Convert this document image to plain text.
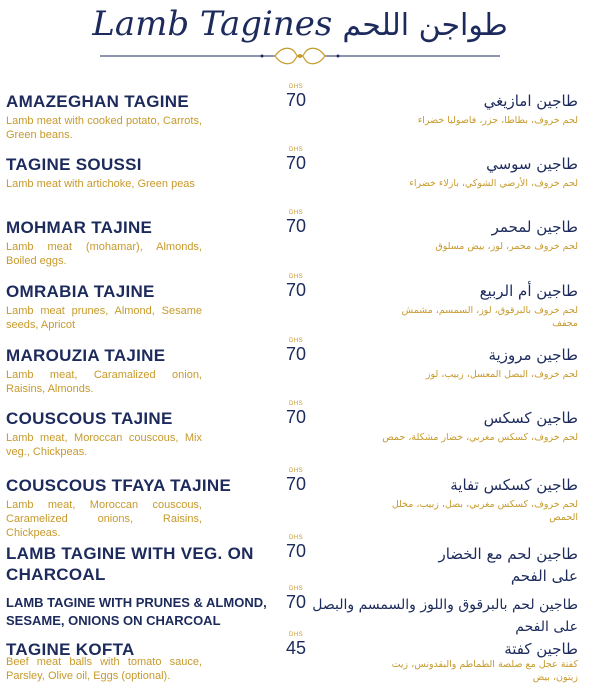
Lamb Tagines طواجن اللحم
AMAZEGHAN TAGINE
Lamb meat with cooked potato, Carrots, Green beans.
DHS
70	طاجين امازيغي
لحم خروف، بطاطا، جزر، فاصوليا خضراء
TAGINE SOUSSI
Lamb meat with artichoke, Green peas
DHS
70	طاجين سوسي
لحم خروف، الأرضي الشوكي، بازلاء خضراء
MOHMAR TAJINE
Lamb meat (mohamar), Almonds, Boiled eggs.
DHS
70	طاجين لمحمر
لحم خروف محمر، لوز، بيض مسلوق
OMRABIA TAJINE
Lamb meat prunes, Almond, Sesame seeds, Apricot
DHS
70	طاجين أم الربيع
لحم خروف بالبرقوق، لوز، السمسم، مشمش مجفف
MAROUZIA TAJINE
Lamb meat, Caramalized onion, Raisins, Almonds.
DHS
70	طاجين مروزية
لحم خروف، البصل المعسل، زبيب، لوز
COUSCOUS TAJINE
Lamb meat, Moroccan couscous, Mix veg., Chickpeas.
DHS
70	طاجين كسكس
لحم خروف، كسكس مغربي، خضار مشكلة، حمص
COUSCOUS TFAYA TAJINE
Lamb meat, Moroccan couscous, Caramelized onions, Raisins, Chickpeas.
DHS
70	طاجين كسكس تفاية
لحم خروف، كسكس مغربي، بصل، زبيب، مخلل الحمص
LAMB TAGINE WITH VEG. ON CHARCOAL
DHS
70	طاجين لحم مع الخضار على الفحم
LAMB TAGINE WITH PRUNES & ALMOND, SESAME, ONIONS ON CHARCOAL
DHS
70 طاجين لحم بالبرقوق واللوز والسمسم والبصل على الفحم
TAGINE KOFTA
Beef meat balls with tomato sauce, Parsley, Olive oil, Eggs (optional).
DHS
45	طاجين كفتة
كفتة عجل مع صلصة الطماطم والبقدونس، زيت زيتون، بيض
